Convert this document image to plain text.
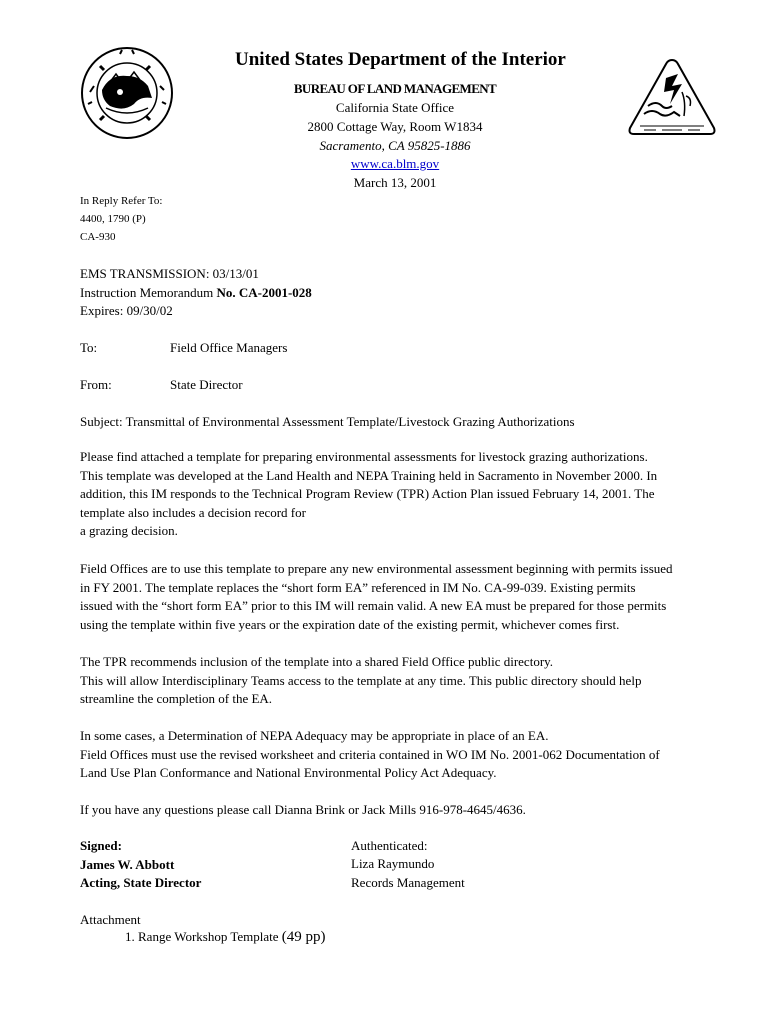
United States Department of the Interior
BUREAU OF LAND MANAGEMENT
California State Office
2800 Cottage Way, Room W1834
Sacramento, CA 95825-1886
www.ca.blm.gov
March 13, 2001
In Reply Refer To:
4400, 1790 (P)
CA-930
EMS TRANSMISSION: 03/13/01
Instruction Memorandum No. CA-2001-028
Expires: 09/30/02
To:	Field Office Managers
From:	State Director
Subject: Transmittal of Environmental Assessment Template/Livestock Grazing Authorizations
Please find attached a template for preparing environmental assessments for livestock grazing authorizations.
This template was developed at the Land Health and NEPA Training held in Sacramento in November 2000. In
addition, this IM responds to the Technical Program Review (TPR) Action Plan issued February 14, 2001. The
template also includes a decision record for
a grazing decision.
Field Offices are to use this template to prepare any new environmental assessment beginning with permits issued
in FY 2001. The template replaces the “short form EA” referenced in IM No. CA-99-039. Existing permits
issued with the “short form EA” prior to this IM will remain valid. A new EA must be prepared for those permits
using the template within five years or the expiration date of the existing permit, whichever comes first.
The TPR recommends inclusion of the template into a shared Field Office public directory.
This will allow Interdisciplinary Teams access to the template at any time. This public directory should help
streamline the completion of the EA.
In some cases, a Determination of NEPA Adequacy may be appropriate in place of an EA.
Field Offices must use the revised worksheet and criteria contained in WO IM No. 2001-062 Documentation of
Land Use Plan Conformance and National Environmental Policy Act Adequacy.
If you have any questions please call Dianna Brink or Jack Mills 916-978-4645/4636.
Signed:
James W. Abbott
Acting, State Director
Authenticated:
Liza Raymundo
Records Management
Attachment
1. Range Workshop Template (49 pp)
